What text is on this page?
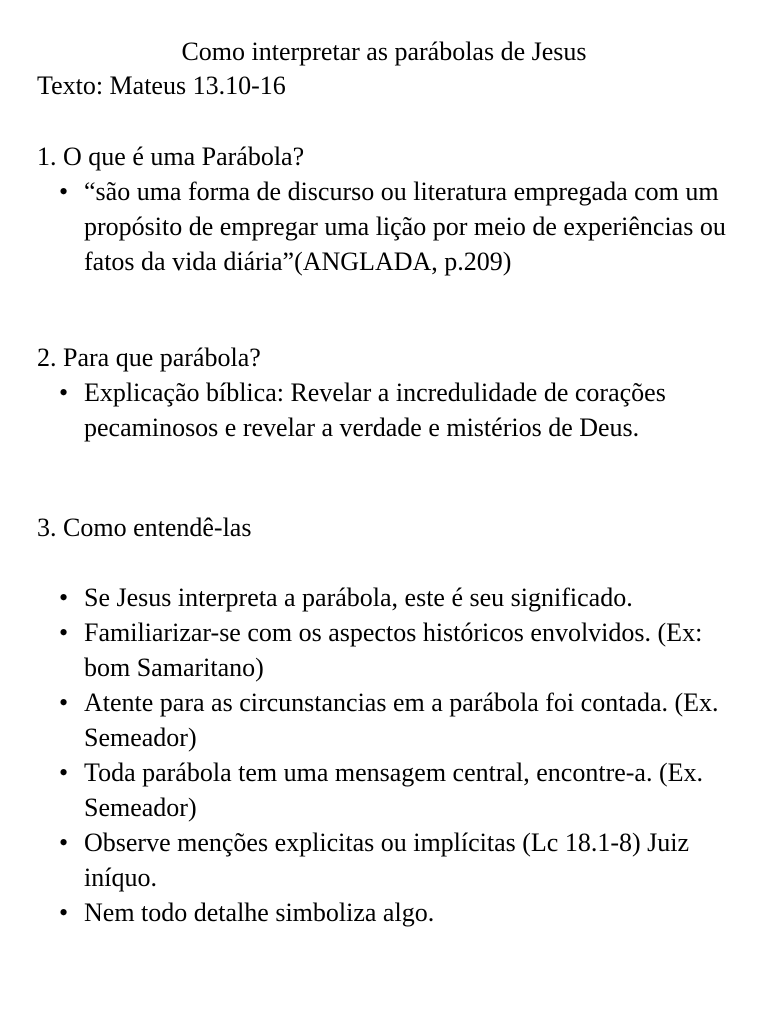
Como interpretar as parábolas de Jesus

Texto: Mateus 13.10-16

1. O que é uma Parábola?
• “são uma forma de discurso ou literatura empregada com um propósito de empregar uma lição por meio de experiências ou fatos da vida diária”(ANGLADA, p.209)
2. Para que parábola?
• Explicação bíblica: Revelar a incredulidade de corações pecaminosos e revelar a verdade e mistérios de Deus.
3. Como entendê-las
• Se Jesus interpreta a parábola, este é seu significado.
• Familiarizar-se com os aspectos históricos envolvidos. (Ex: bom Samaritano)
• Atente para as circunstancias em a parábola foi contada. (Ex. Semeador)
• Toda parábola tem uma mensagem central, encontre-a. (Ex. Semeador)
• Observe menções explicitas ou implícitas (Lc 18.1-8) Juiz iníquo.
• Nem todo detalhe simboliza algo.
